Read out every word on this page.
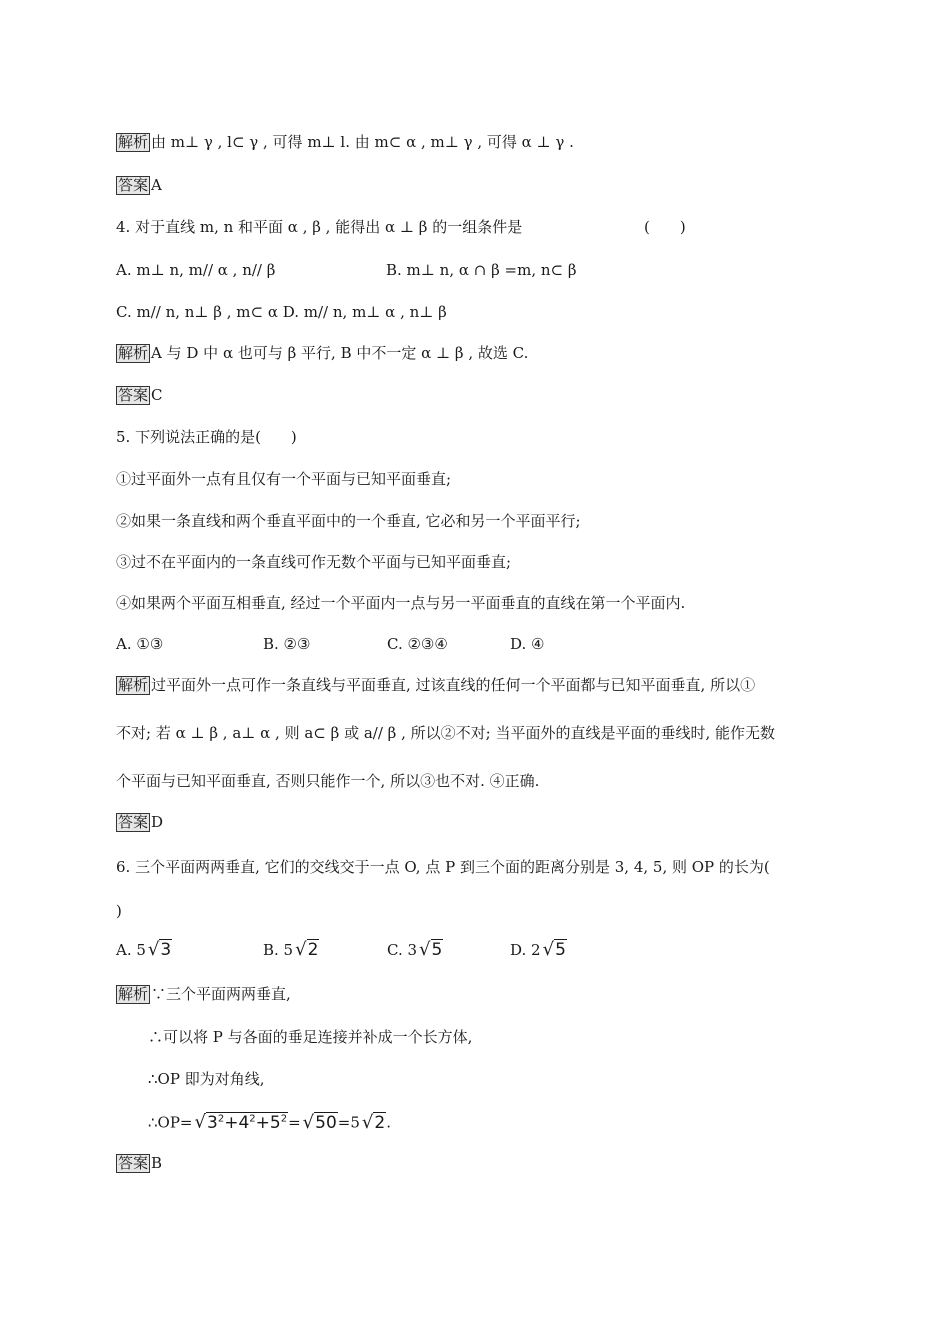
解析 由 m⊥ γ , l⊂ γ , 可得 m⊥ l. 由 m⊂ α , m⊥ γ , 可得 α ⊥ γ .
答案 A
4. 对于直线 m, n 和平面 α , β , 能得出 α ⊥ β 的一组条件是	(　　)
A. m⊥ n, m// α , n// β	B. m⊥ n, α ∩ β =m, n⊂ β
C. m// n, n⊥ β , m⊂ α D. m// n, m⊥ α , n⊥ β
解析 A 与 D 中 α 也可与 β 平行, B 中不一定 α ⊥ β , 故选 C.
答案 C
5. 下列说法正确的是(　　)
①过平面外一点有且仅有一个平面与已知平面垂直;
②如果一条直线和两个垂直平面中的一个垂直, 它必和另一个平面平行;
③过不在平面内的一条直线可作无数个平面与已知平面垂直;
④如果两个平面互相垂直, 经过一个平面内一点与另一平面垂直的直线在第一个平面内.
A. ①③	B. ②③	C. ②③④	D. ④
解析 过平面外一点可作一条直线与平面垂直, 过该直线的任何一个平面都与已知平面垂直, 所以①
不对; 若 α ⊥ β , a⊥ α , 则 a⊂ β 或 a// β , 所以②不对; 当平面外的直线是平面的垂线时, 能作无数
个平面与已知平面垂直, 否则只能作一个, 所以③也不对. ④正确.
答案 D
6. 三个平面两两垂直, 它们的交线交于一点 O, 点 P 到三个面的距离分别是 3, 4, 5, 则 OP 的长为(
)
A. 5 √3	B. 5 √2	C. 3 √5	D. 2 √5
解析 ∵三个平面两两垂直,
∴可以将 P 与各面的垂足连接并补成一个长方体,
∴OP 即为对角线,
∴OP= $√3^2+4^2+5^2= √50=5$ √2.
答案 B
